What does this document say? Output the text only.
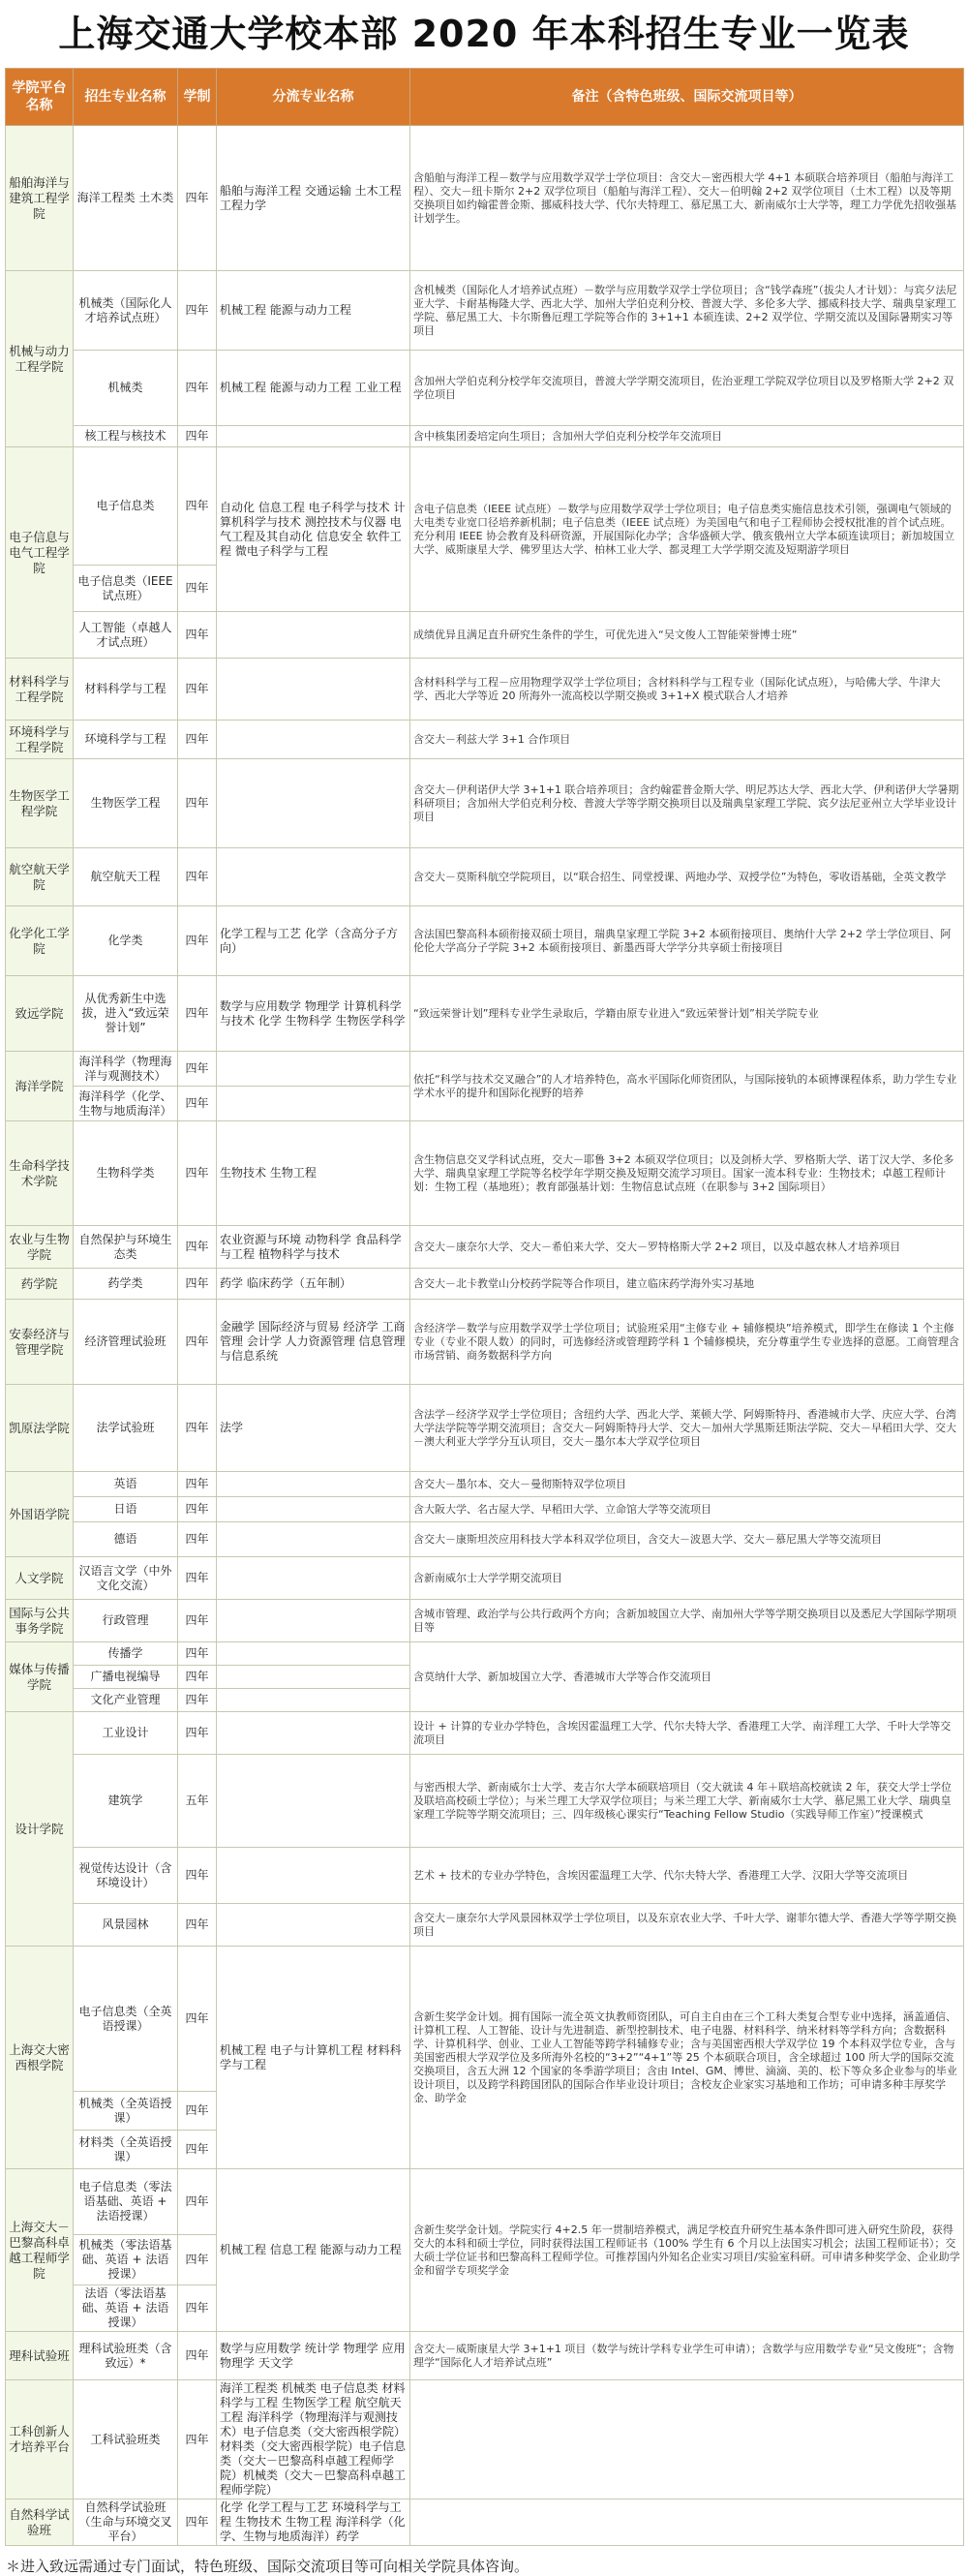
上海交通大学校本部 2020 年本科招生专业一览表
学院平台名称	招生专业名称	学制	分流专业名称	备注（含特色班级、国际交流项目等）
船舶海洋与建筑工程学院	海洋工程类 土木类	四年	船舶与海洋工程 交通运输 土木工程 工程力学	含船舶与海洋工程－数学与应用数学双学士学位项目：含交大－密西根大学 4+1 本硕联合培养项目（船舶与海洋工程）、交大－纽卡斯尔 2+2 双学位项目（船舶与海洋工程）、交大－伯明翰 2+2 双学位项目（土木工程）以及等期交换项目如约翰霍普金斯、挪威科技大学、代尔夫特理工、慕尼黑工大、新南威尔士大学等，理工力学优先招收强基计划学生。
机械与动力工程学院	机械类（国际化人才培养试点班）	四年	机械工程 能源与动力工程	含机械类（国际化人才培养试点班）－数学与应用数学双学士学位项目；含“钱学森班”（拔尖人才计划）：与宾夕法尼亚大学、卡耐基梅隆大学、西北大学、加州大学伯克利分校、普渡大学、多伦多大学、挪威科技大学、瑞典皇家理工学院、慕尼黑工大、卡尔斯鲁厄理工学院等合作的 3+1+1 本硕连读、2+2 双学位、学期交流以及国际暑期实习等项目
	机械类	四年	机械工程 能源与动力工程 工业工程	含加州大学伯克利分校学年交流项目，普渡大学学期交流项目，佐治亚理工学院双学位项目以及罗格斯大学 2+2 双学位项目
	核工程与核技术	四年		含中核集团委培定向生项目；含加州大学伯克利分校学年交流项目
电子信息与电气工程学院	电子信息类	四年	自动化 信息工程 电子科学与技术 计算机科学与技术 测控技术与仪器 电气工程及其自动化 信息安全 软件工程 微电子科学与工程	含电子信息类（IEEE 试点班）－数学与应用数学双学士学位项目；电子信息类实施信息技术引领，强调电气领域的大电类专业宽口径培养新机制；电子信息类（IEEE 试点班）为美国电气和电子工程师协会授权批准的首个试点班。充分利用 IEEE 协会教育及科研资源，开展国际化办学；含华盛顿大学、俄亥俄州立大学本硕连读项目；新加坡国立大学、威斯康星大学、佛罗里达大学、柏林工业大学、都灵理工大学学期交流及短期游学项目
	电子信息类（IEEE 试点班）	四年		
	人工智能（卓越人才试点班）	四年		成绩优异且满足直升研究生条件的学生，可优先进入“吴文俊人工智能荣誉博士班”
材料科学与工程学院	材料科学与工程	四年		含材料科学与工程－应用物理学双学士学位项目；含材料科学与工程专业（国际化试点班），与哈佛大学、牛津大学、西北大学等近 20 所海外一流高校以学期交换或 3+1+X 模式联合人才培养
环境科学与工程学院	环境科学与工程	四年		含交大－利兹大学 3+1 合作项目
生物医学工程学院	生物医学工程	四年		含交大－伊利诺伊大学 3+1+1 联合培养项目；含约翰霍普金斯大学、明尼苏达大学、西北大学、伊利诺伊大学暑期科研项目；含加州大学伯克利分校、普渡大学等学期交换项目以及瑞典皇家理工学院、宾夕法尼亚州立大学毕业设计项目
航空航天学院	航空航天工程	四年		含交大－莫斯科航空学院项目，以“联合招生、同堂授课、两地办学、双授学位”为特色，零收语基础，全英文教学
化学化工学院	化学类	四年	化学工程与工艺 化学（含高分子方向）	含法国巴黎高科本硕衔接双硕士项目，瑞典皇家理工学院 3+2 本硕衔接项目、奥纳什大学 2+2 学士学位项目、阿伦伦大学高分子学院 3+2 本硕衔接项目、新墨西哥大学学分共享硕士衔接项目
致远学院	从优秀新生中选拔，进入“致远荣誉计划”	四年	数学与应用数学 物理学 计算机科学与技术 化学 生物科学 生物医学科学	“致远荣誉计划”理科专业学生录取后，学籍由原专业进入“致远荣誉计划”相关学院专业
海洋学院	海洋科学（物理海洋与观测技术）	四年		依托“科学与技术交叉融合”的人才培养特色，高水平国际化师资团队，与国际接轨的本硕博课程体系，助力学生专业学术水平的提升和国际化视野的培养
	海洋科学（化学、生物与地质海洋）	四年		
生命科学技术学院	生物科学类	四年	生物技术 生物工程	含生物信息交叉学科试点班，交大－耶鲁 3+2 本硕双学位项目；以及剑桥大学、罗格斯大学、诺丁汉大学、多伦多大学、瑞典皇家理工学院等名校学年学期交换及短期交流学习项目。国家一流本科专业：生物技术；卓越工程师计划：生物工程（基地班）；教育部强基计划：生物信息试点班（在职参与 3+2 国际项目）
农业与生物学院	自然保护与环境生态类	四年	农业资源与环境 动物科学 食品科学与工程 植物科学与技术	含交大－康奈尔大学、交大－希伯来大学、交大－罗特格斯大学 2+2 项目，以及卓越农林人才培养项目
药学院	药学类	四年	药学 临床药学（五年制）	含交大－北卡教堂山分校药学院等合作项目，建立临床药学海外实习基地
安泰经济与管理学院	经济管理试验班	四年	金融学 国际经济与贸易 经济学 工商管理 会计学 人力资源管理 信息管理与信息系统	含经济学－数学与应用数学双学士学位项目；试验班采用“主修专业 + 辅修模块”培养模式，即学生在修读 1 个主修专业（专业不限人数）的同时，可选修经济或管理跨学科 1 个辅修模块，充分尊重学生专业选择的意愿。工商管理含市场营销、商务数据科学方向
凯原法学院	法学试验班	四年	法学	含法学－经济学双学士学位项目；含纽约大学、西北大学、莱顿大学、阿姆斯特丹、香港城市大学、庆应大学、台湾大学法学院等学期交流项目；含交大－阿姆斯特丹大学、交大－加州大学黑斯廷斯法学院、交大－早稻田大学、交大－澳大利亚大学学分互认项目，交大－墨尔本大学双学位项目
外国语学院	英语	四年		含交大－墨尔本、交大－曼彻斯特双学位项目
	日语	四年		含大阪大学、名古屋大学、早稻田大学、立命馆大学等交流项目
	德语	四年		含交大－康斯坦茨应用科技大学本科双学位项目，含交大－波恩大学、交大－慕尼黑大学等交流项目
人文学院	汉语言文学（中外文化交流）	四年		含新南威尔士大学学期交流项目
国际与公共事务学院	行政管理	四年		含城市管理、政治学与公共行政两个方向；含新加坡国立大学、南加州大学等学期交换项目以及悉尼大学国际学期项目等
媒体与传播学院	传播学	四年		含莫纳什大学、新加坡国立大学、香港城市大学等合作交流项目
	广播电视编导	四年		
	文化产业管理	四年		
设计学院	工业设计	四年		设计 + 计算的专业办学特色，含埃因霍温理工大学、代尔夫特大学、香港理工大学、南洋理工大学、千叶大学等交流项目
	建筑学	五年		与密西根大学、新南威尔士大学、麦吉尔大学本硕联培项目（交大就读 4 年＋联培高校就读 2 年，获交大学士学位及联培高校硕士学位）；与米兰理工大学双学位项目；与米兰理工大学、新南威尔士大学、慕尼黑工业大学、瑞典皇家理工学院等学期交流项目；三、四年级核心课实行“Teaching Fellow Studio（实践导师工作室）”授课模式
	视觉传达设计（含环境设计）	四年		艺术 + 技术的专业办学特色，含埃因霍温理工大学、代尔夫特大学、香港理工大学、汉阳大学等交流项目
	风景园林	四年		含交大－康奈尔大学风景园林双学士学位项目，以及东京农业大学、千叶大学、谢菲尔德大学、香港大学等学期交换项目
上海交大密西根学院	电子信息类（全英语授课）	四年	机械工程 电子与计算机工程 材料科学与工程	含新生奖学金计划。拥有国际一流全英文执教师资团队，可自主自由在三个工科大类复合型专业中选择，涵盖通信、计算机工程、人工智能、设计与先进制造、新型控制技术、电子电器、材料科学、纳米材料等学科方向；含数据科学、计算机科学、创业、工业人工智能等跨学科辅修专业；含与美国密西根大学双学位 19 个本科双学位专业，含与美国密西根大学双学位及多所海外名校的“3+2”“4+1”等 25 个本硕联合项目，含全球超过 100 所大学的国际交流交换项目，含五大洲 12 个国家的冬季游学项目；含由 Intel、GM、博世、滴滴、美的、松下等众多企业参与的毕业设计项目，以及跨学科跨国团队的国际合作毕业设计项目；含校友企业家实习基地和工作坊；可申请多种丰厚奖学金、助学金
	机械类（全英语授课）	四年		
	材料类（全英语授课）	四年		
上海交大－巴黎高科卓越工程师学院	电子信息类（零法语基础、英语 + 法语授课）	四年	机械工程 信息工程 能源与动力工程	含新生奖学金计划。学院实行 4+2.5 年一贯制培养模式，满足学校直升研究生基本条件即可进入研究生阶段，获得交大的本科和硕士学位，同时获得法国工程师证书（100% 学生有 6 个月以上法国实习机会；法国工程师证书）；交大硕士学位证书和巴黎高科工程师学位。可推荐国内外知名企业实习项目/实验室科研。可申请多种奖学金、企业助学金和留学专项奖学金
	机械类（零法语基础、英语 + 法语授课）	四年		
	法语（零法语基础、英语 + 法语授课）	四年		
理科试验班	理科试验班类（含致远）*	四年	数学与应用数学 统计学 物理学 应用物理学 天文学	含交大－威斯康星大学 3+1+1 项目（数学与统计学科专业学生可申请）；含数学与应用数学专业“吴文俊班”；含物理学“国际化人才培养试点班”
工科创新人才培养平台	工科试验班类	四年	海洋工程类 机械类 电子信息类 材料科学与工程 生物医学工程 航空航天工程 海洋科学（物理海洋与观测技术）电子信息类（交大密西根学院）材料类（交大密西根学院）电子信息类（交大－巴黎高科卓越工程师学院）机械类（交大－巴黎高科卓越工程师学院）	
自然科学试验班	自然科学试验班（生命与环境交叉平台）	四年	化学 化学工程与工艺 环境科学与工程 生物技术 生物工程 海洋科学（化学、生物与地质海洋）药学	
＊进入致远需通过专门面试，特色班级、国际交流项目等可向相关学院具体咨询。
